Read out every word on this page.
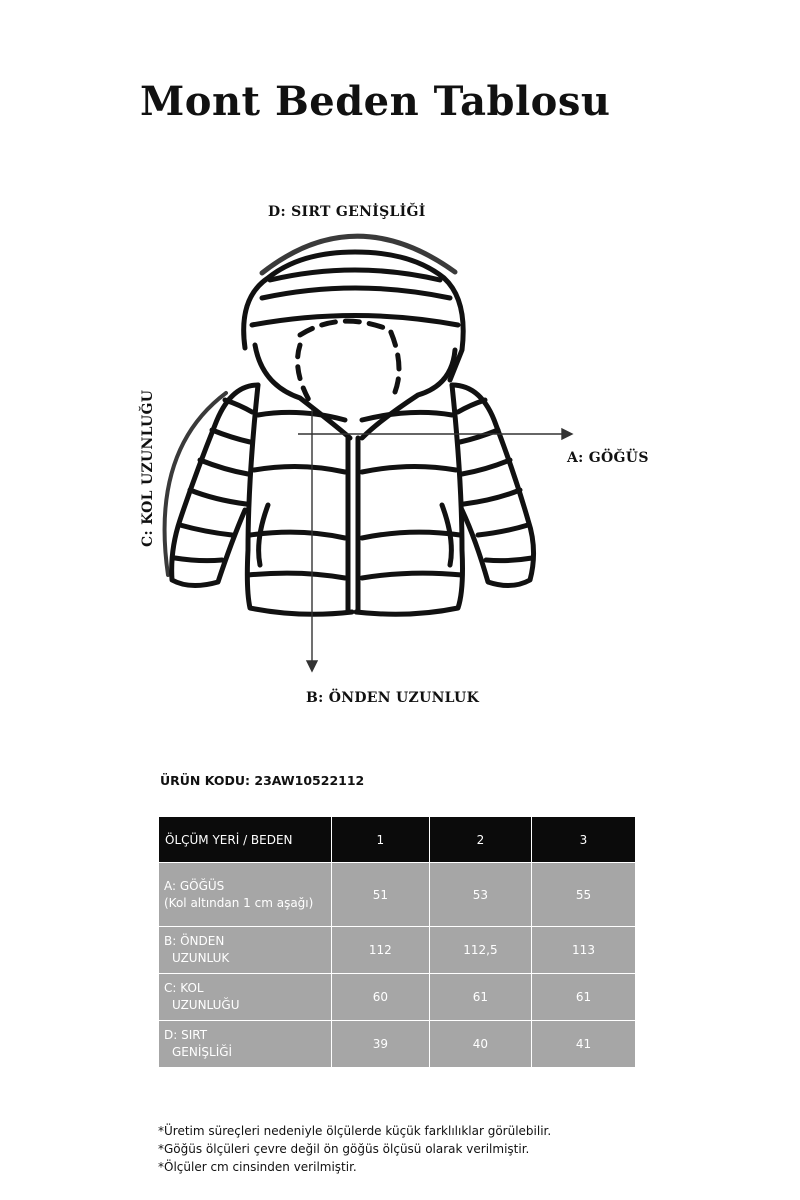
Mont Beden Tablosu
D: SIRT GENİŞLİĞİ
A: GÖĞÜS
B: ÖNDEN UZUNLUK
C: KOL UZUNLUĞU
ÜRÜN KODU: 23AW10522112
ÖLÇÜM YERİ / BEDEN	1	2	3

A: GÖĞÜS
(Kol altından 1 cm aşağı)	51	53	55

B: ÖNDEN
UZUNLUK	112	112,5	113

C: KOL
UZUNLUĞU	60	61	61

D: SIRT
GENİŞLİĞİ	39	40	41
*Üretim süreçleri nedeniyle ölçülerde küçük farklılıklar görülebilir.
*Göğüs ölçüleri çevre değil ön göğüs ölçüsü olarak verilmiştir.
*Ölçüler cm cinsinden verilmiştir.
